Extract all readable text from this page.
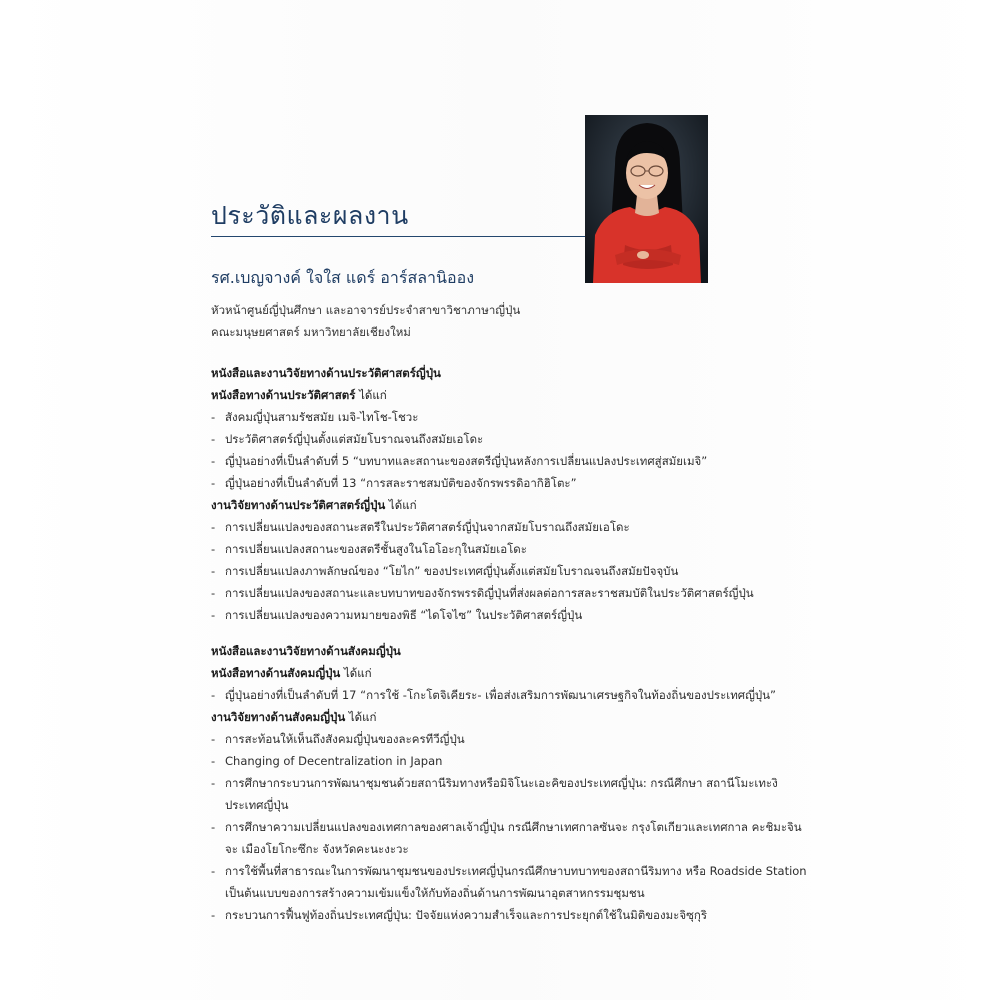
ประวัติและผลงาน
รศ.เบญจางค์ ใจใส แดร์ อาร์สลานิออง
หัวหน้าศูนย์ญี่ปุ่นศึกษา และอาจารย์ประจำสาขาวิชาภาษาญี่ปุ่น
คณะมนุษยศาสตร์ มหาวิทยาลัยเชียงใหม่
หนังสือและงานวิจัยทางด้านประวัติศาสตร์ญี่ปุ่น
หนังสือทางด้านประวัติศาสตร์ ได้แก่
- สังคมญี่ปุ่นสามรัชสมัย เมจิ-ไทโช-โชวะ
- ประวัติศาสตร์ญี่ปุ่นตั้งแต่สมัยโบราณจนถึงสมัยเอโดะ
- ญี่ปุ่นอย่างที่เป็นลำดับที่ 5 “บทบาทและสถานะของสตรีญี่ปุ่นหลังการเปลี่ยนแปลงประเทศสู่สมัยเมจิ”
- ญี่ปุ่นอย่างที่เป็นลำดับที่ 13 “การสละราชสมบัติของจักรพรรดิอากิฮิโตะ”
งานวิจัยทางด้านประวัติศาสตร์ญี่ปุ่น ได้แก่
- การเปลี่ยนแปลงของสถานะสตรีในประวัติศาสตร์ญี่ปุ่นจากสมัยโบราณถึงสมัยเอโดะ
- การเปลี่ยนแปลงสถานะของสตรีชั้นสูงในโอโอะกุในสมัยเอโดะ
- การเปลี่ยนแปลงภาพลักษณ์ของ “โยไก” ของประเทศญี่ปุ่นตั้งแต่สมัยโบราณจนถึงสมัยปัจจุบัน
- การเปลี่ยนแปลงของสถานะและบทบาทของจักรพรรดิญี่ปุ่นที่ส่งผลต่อการสละราชสมบัติในประวัติศาสตร์ญี่ปุ่น
- การเปลี่ยนแปลงของความหมายของพิธี “ไดโจไซ” ในประวัติศาสตร์ญี่ปุ่น
หนังสือและงานวิจัยทางด้านสังคมญี่ปุ่น
หนังสือทางด้านสังคมญี่ปุ่น ได้แก่
- ญี่ปุ่นอย่างที่เป็นลำดับที่ 17 “การใช้ -โกะโตจิเคียระ- เพื่อส่งเสริมการพัฒนาเศรษฐกิจในท้องถิ่นของประเทศญี่ปุ่น”
งานวิจัยทางด้านสังคมญี่ปุ่น ได้แก่
- การสะท้อนให้เห็นถึงสังคมญี่ปุ่นของละครทีวีญี่ปุ่น
- Changing of Decentralization in Japan
- การศึกษากระบวนการพัฒนาชุมชนด้วยสถานีริมทางหรือมิจิโนะเอะคิของประเทศญี่ปุ่น: กรณีศึกษา สถานีโมะเทะงิ ประเทศญี่ปุ่น
- การศึกษาความเปลี่ยนแปลงของเทศกาลของศาลเจ้าญี่ปุ่น กรณีศึกษาเทศกาลซันจะ กรุงโตเกียวและเทศกาล คะชิมะจินจะ เมืองโยโกะซึกะ จังหวัดคะนะงะวะ
- การใช้พื้นที่สาธารณะในการพัฒนาชุมชนของประเทศญี่ปุ่นกรณีศึกษาบทบาทของสถานีริมทาง หรือ Roadside Station เป็นต้นแบบของการสร้างความเข้มแข็งให้กับท้องถิ่นด้านการพัฒนาอุตสาหกรรมชุมชน
- กระบวนการฟื้นฟูท้องถิ่นประเทศญี่ปุ่น: ปัจจัยแห่งความสำเร็จและการประยุกต์ใช้ในมิติของมะจิซุกุริ
